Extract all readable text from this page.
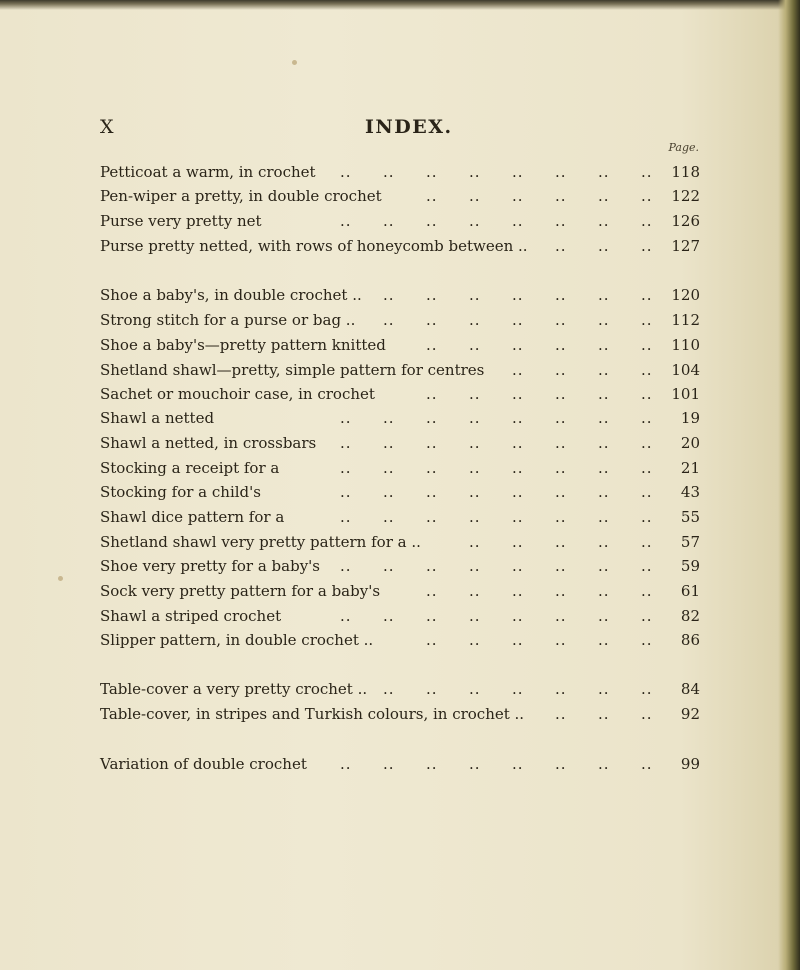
X	INDEX.
Page.
Petticoat a warm, in crochet	118
.. .. .. .. .. .. .. ..
Pen-wiper a pretty, in double crochet	122
.. .. .. .. .. ..
Purse very pretty net	126
.. .. .. .. .. .. .. ..
Purse pretty netted, with rows of honeycomb between ..	127
.. .. ..
Shoe a baby's, in double crochet ..	120
.. .. .. .. .. .. ..
Strong stitch for a purse or bag ..	112
.. .. .. .. .. .. ..
Shoe a baby's—pretty pattern knitted	110
.. .. .. .. .. ..
Shetland shawl—pretty, simple pattern for centres	104
.. .. .. ..
Sachet or mouchoir case, in crochet	101
.. .. .. .. .. ..
Shawl a netted	19
.. .. .. .. .. .. .. ..
Shawl a netted, in crossbars	20
.. .. .. .. .. .. .. ..
Stocking a receipt for a	21
.. .. .. .. .. .. .. ..
Stocking for a child's	43
.. .. .. .. .. .. .. ..
Shawl dice pattern for a	55
.. .. .. .. .. .. .. ..
Shetland shawl very pretty pattern for a ..	57
.. .. .. .. ..
Shoe very pretty for a baby's	59
.. .. .. .. .. .. .. ..
Sock very pretty pattern for a baby's	61
.. .. .. .. .. ..
Shawl a striped crochet	82
.. .. .. .. .. .. .. ..
Slipper pattern, in double crochet ..	86
.. .. .. .. .. ..
Table-cover a very pretty crochet ..	84
.. .. .. .. .. .. ..
Table-cover, in stripes and Turkish colours, in crochet ..	92
.. .. ..
Variation of double crochet	99
.. .. .. .. .. .. .. ..
